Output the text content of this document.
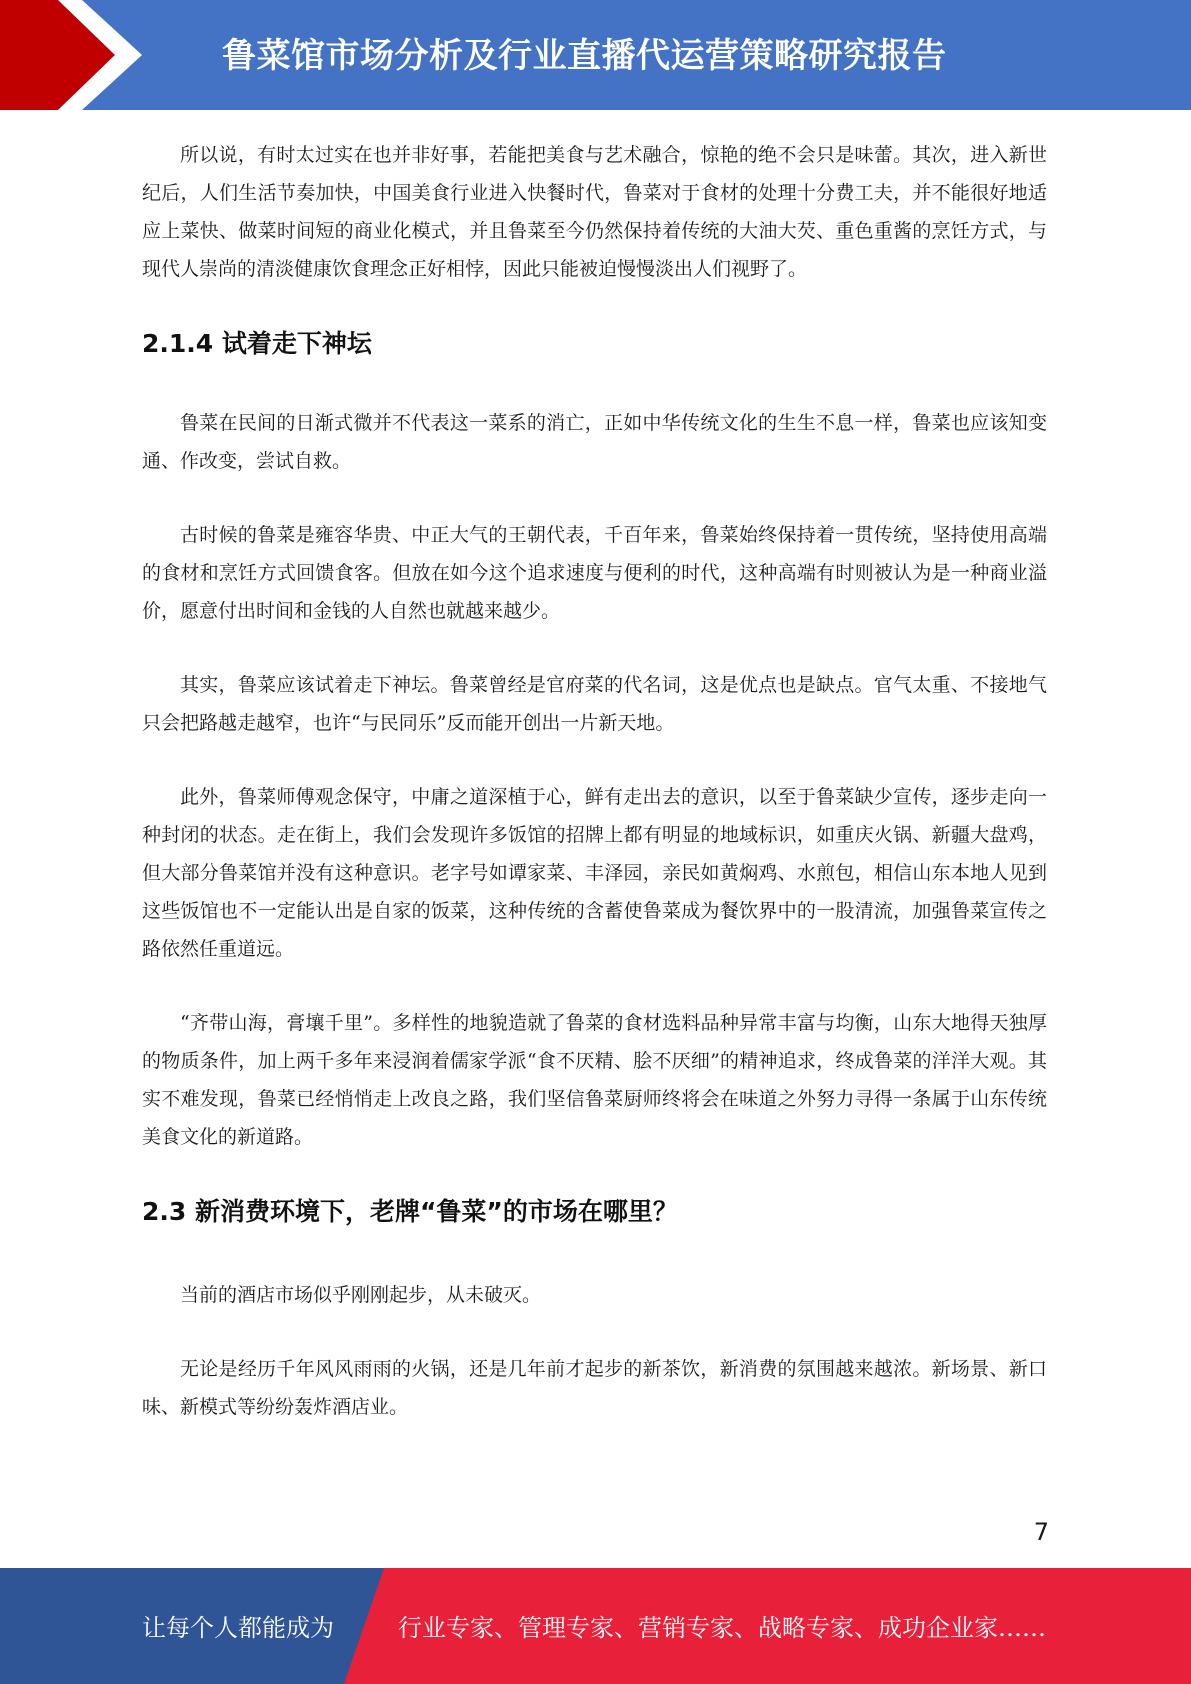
鲁菜馆市场分析及行业直播代运营策略研究报告

所以说，有时太过实在也并非好事，若能把美食与艺术融合，惊艳的绝不会只是味蕾。其次，进入新世纪后，人们生活节奏加快，中国美食行业进入快餐时代，鲁菜对于食材的处理十分费工夫，并不能很好地适应上菜快、做菜时间短的商业化模式，并且鲁菜至今仍然保持着传统的大油大芡、重色重酱的烹饪方式，与现代人崇尚的清淡健康饮食理念正好相悖，因此只能被迫慢慢淡出人们视野了。

2.1.4 试着走下神坛

鲁菜在民间的日渐式微并不代表这一菜系的消亡，正如中华传统文化的生生不息一样，鲁菜也应该知变通、作改变，尝试自救。

古时候的鲁菜是雍容华贵、中正大气的王朝代表，千百年来，鲁菜始终保持着一贯传统，坚持使用高端的食材和烹饪方式回馈食客。但放在如今这个追求速度与便利的时代，这种高端有时则被认为是一种商业溢价，愿意付出时间和金钱的人自然也就越来越少。

其实，鲁菜应该试着走下神坛。鲁菜曾经是官府菜的代名词，这是优点也是缺点。官气太重、不接地气只会把路越走越窄，也许“与民同乐”反而能开创出一片新天地。

此外，鲁菜师傅观念保守，中庸之道深植于心，鲜有走出去的意识，以至于鲁菜缺少宣传，逐步走向一种封闭的状态。走在街上，我们会发现许多饭馆的招牌上都有明显的地域标识，如重庆火锅、新疆大盘鸡，但大部分鲁菜馆并没有这种意识。老字号如谭家菜、丰泽园，亲民如黄焖鸡、水煎包，相信山东本地人见到这些饭馆也不一定能认出是自家的饭菜，这种传统的含蓄使鲁菜成为餐饮界中的一股清流，加强鲁菜宣传之路依然任重道远。

“齐带山海，膏壤千里”。多样性的地貌造就了鲁菜的食材选料品种异常丰富与均衡，山东大地得天独厚的物质条件，加上两千多年来浸润着儒家学派“食不厌精、脍不厌细”的精神追求，终成鲁菜的洋洋大观。其实不难发现，鲁菜已经悄悄走上改良之路，我们坚信鲁菜厨师终将会在味道之外努力寻得一条属于山东传统美食文化的新道路。

2.3 新消费环境下，老牌“鲁菜”的市场在哪里？

当前的酒店市场似乎刚刚起步，从未破灭。

无论是经历千年风风雨雨的火锅，还是几年前才起步的新茶饮，新消费的氛围越来越浓。新场景、新口味、新模式等纷纷轰炸酒店业。

7
让每个人都能成为	行业专家、管理专家、营销专家、战略专家、成功企业家……
